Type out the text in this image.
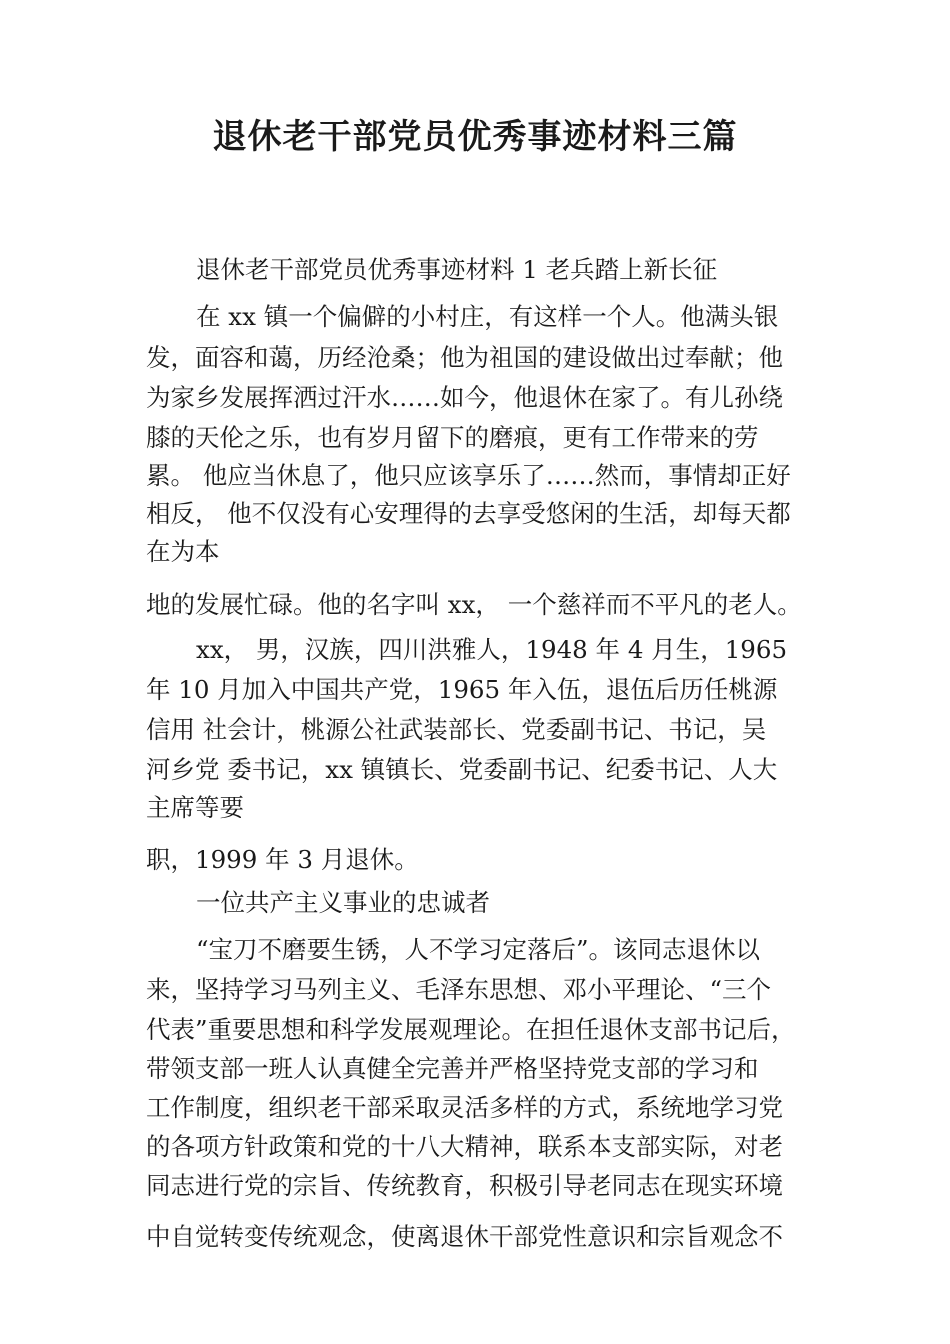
退休老干部党员优秀事迹材料三篇
退休老干部党员优秀事迹材料 1 老兵踏上新长征
在 xx 镇一个偏僻的小村庄，有这样一个人。他满头银
发，面容和蔼，历经沧桑；他为祖国的建设做出过奉献；他
为家乡发展挥洒过汗水……如今，他退休在家了。有儿孙绕
膝的天伦之乐，也有岁月留下的磨痕，更有工作带来的劳
累。 他应当休息了，他只应该享乐了……然而，事情却正好
相反， 他不仅没有心安理得的去享受悠闲的生活，却每天都
在为本
地的发展忙碌。他的名字叫 xx， 一个慈祥而不平凡的老人。
xx， 男，汉族，四川洪雅人，1948 年 4 月生，1965
年 10 月加入中国共产党，1965 年入伍，退伍后历任桃源
信用 社会计，桃源公社武装部长、党委副书记、书记，吴
河乡党 委书记，xx 镇镇长、党委副书记、纪委书记、人大
主席等要
职，1999 年 3 月退休。
一位共产主义事业的忠诚者
“宝刀不磨要生锈，人不学习定落后”。该同志退休以
来，坚持学习马列主义、毛泽东思想、邓小平理论、“三个
代表”重要思想和科学发展观理论。在担任退休支部书记后，
带领支部一班人认真健全完善并严格坚持党支部的学习和
工作制度，组织老干部采取灵活多样的方式，系统地学习党
的各项方针政策和党的十八大精神，联系本支部实际，对老
同志进行党的宗旨、传统教育，积极引导老同志在现实环境
中自觉转变传统观念，使离退休干部党性意识和宗旨观念不
